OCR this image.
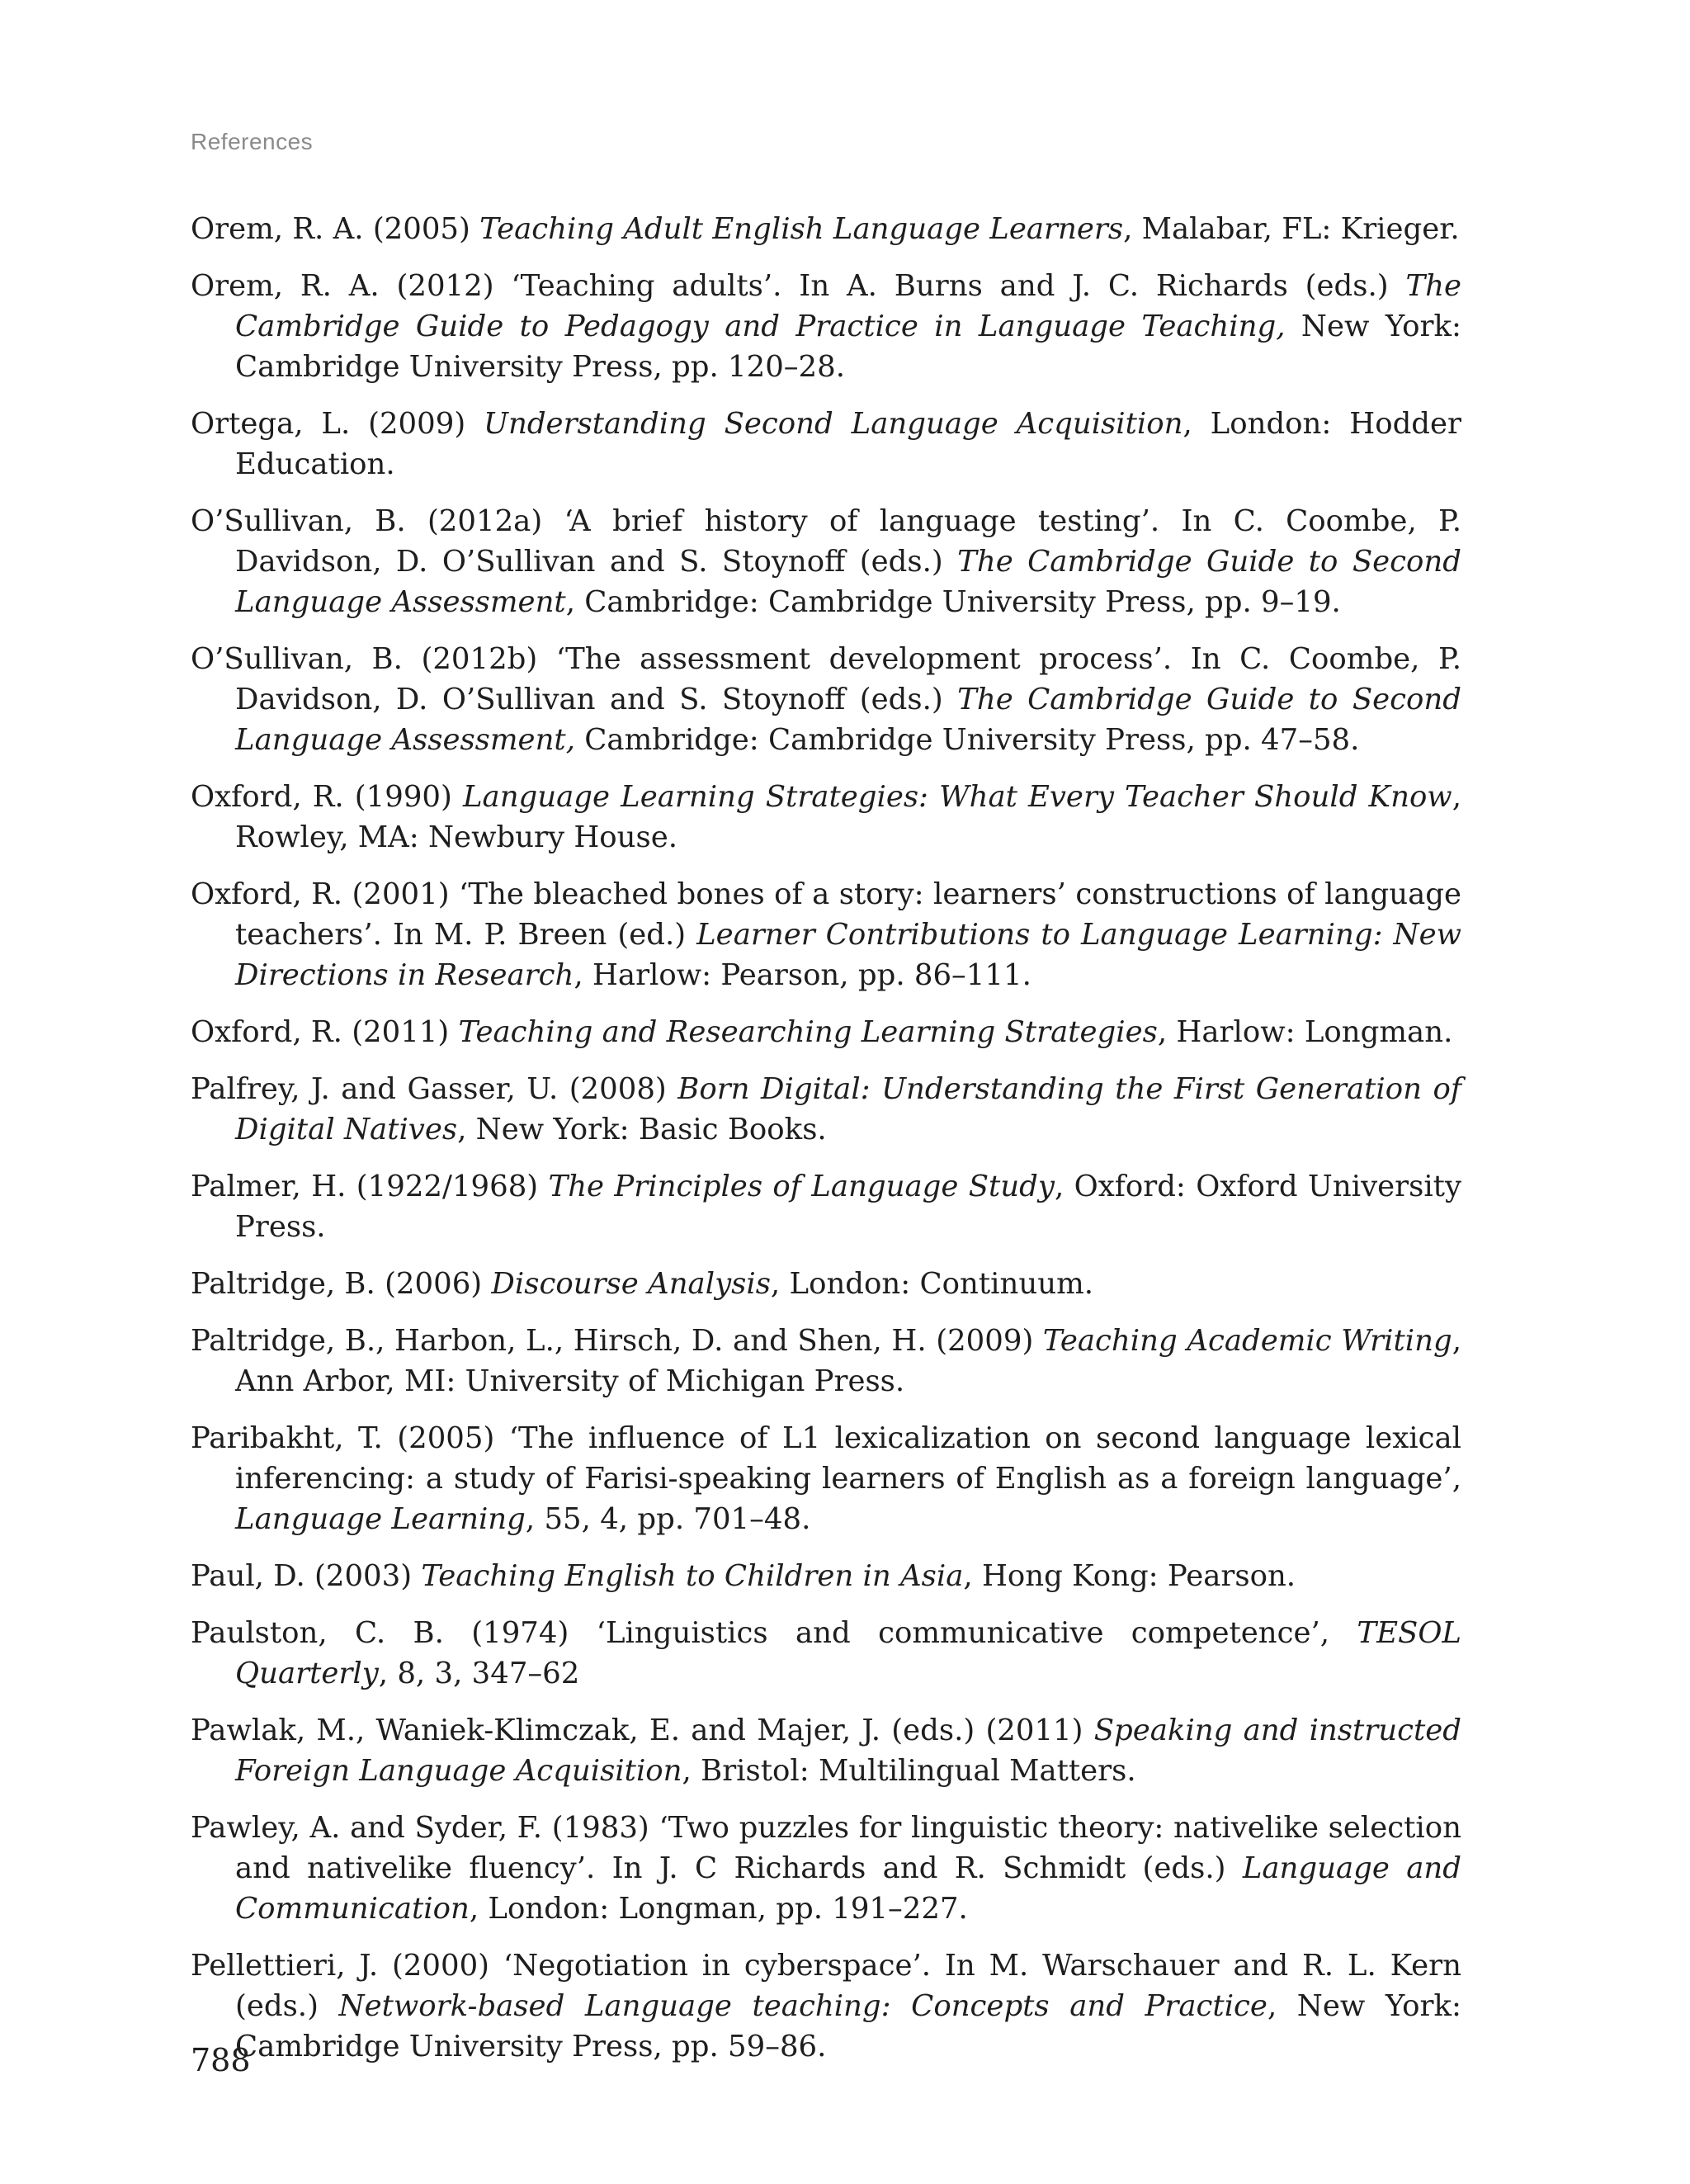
References

Orem, R. A. (2005) Teaching Adult English Language Learners, Malabar, FL: Krieger.

Orem, R. A. (2012) ‘Teaching adults’. In A. Burns and J. C. Richards (eds.) The Cambridge Guide to Pedagogy and Practice in Language Teaching, New York: Cambridge University Press, pp. 120–28.

Ortega, L. (2009) Understanding Second Language Acquisition, London: Hodder Education.

O’Sullivan, B. (2012a) ‘A brief history of language testing’. In C. Coombe, P. Davidson, D. O’Sullivan and S. Stoynoff (eds.) The Cambridge Guide to Second Language Assessment, Cambridge: Cambridge University Press, pp. 9–19.

O’Sullivan, B. (2012b) ‘The assessment development process’. In C. Coombe, P. Davidson, D. O’Sullivan and S. Stoynoff (eds.) The Cambridge Guide to Second Language Assessment, Cambridge: Cambridge University Press, pp. 47–58.

Oxford, R. (1990) Language Learning Strategies: What Every Teacher Should Know, Rowley, MA: Newbury House.

Oxford, R. (2001) ‘The bleached bones of a story: learners’ constructions of language teachers’. In M. P. Breen (ed.) Learner Contributions to Language Learning: New Directions in Research, Harlow: Pearson, pp. 86–111.

Oxford, R. (2011) Teaching and Researching Learning Strategies, Harlow: Longman.

Palfrey, J. and Gasser, U. (2008) Born Digital: Understanding the First Generation of Digital Natives, New York: Basic Books.

Palmer, H. (1922/1968) The Principles of Language Study, Oxford: Oxford University Press.

Paltridge, B. (2006) Discourse Analysis, London: Continuum.

Paltridge, B., Harbon, L., Hirsch, D. and Shen, H. (2009) Teaching Academic Writing, Ann Arbor, MI: University of Michigan Press.

Paribakht, T. (2005) ‘The influence of L1 lexicalization on second language lexical inferencing: a study of Farisi-speaking learners of English as a foreign language’, Language Learning, 55, 4, pp. 701–48.

Paul, D. (2003) Teaching English to Children in Asia, Hong Kong: Pearson.

Paulston, C. B. (1974) ‘Linguistics and communicative competence’, TESOL Quarterly, 8, 3, 347–62

Pawlak, M., Waniek-Klimczak, E. and Majer, J. (eds.) (2011) Speaking and instructed Foreign Language Acquisition, Bristol: Multilingual Matters.

Pawley, A. and Syder, F. (1983) ‘Two puzzles for linguistic theory: nativelike selection and nativelike fluency’. In J. C Richards and R. Schmidt (eds.) Language and Communication, London: Longman, pp. 191–227.

Pellettieri, J. (2000) ‘Negotiation in cyberspace’. In M. Warschauer and R. L. Kern (eds.) Network-based Language teaching: Concepts and Practice, New York: Cambridge University Press, pp. 59–86.

788
